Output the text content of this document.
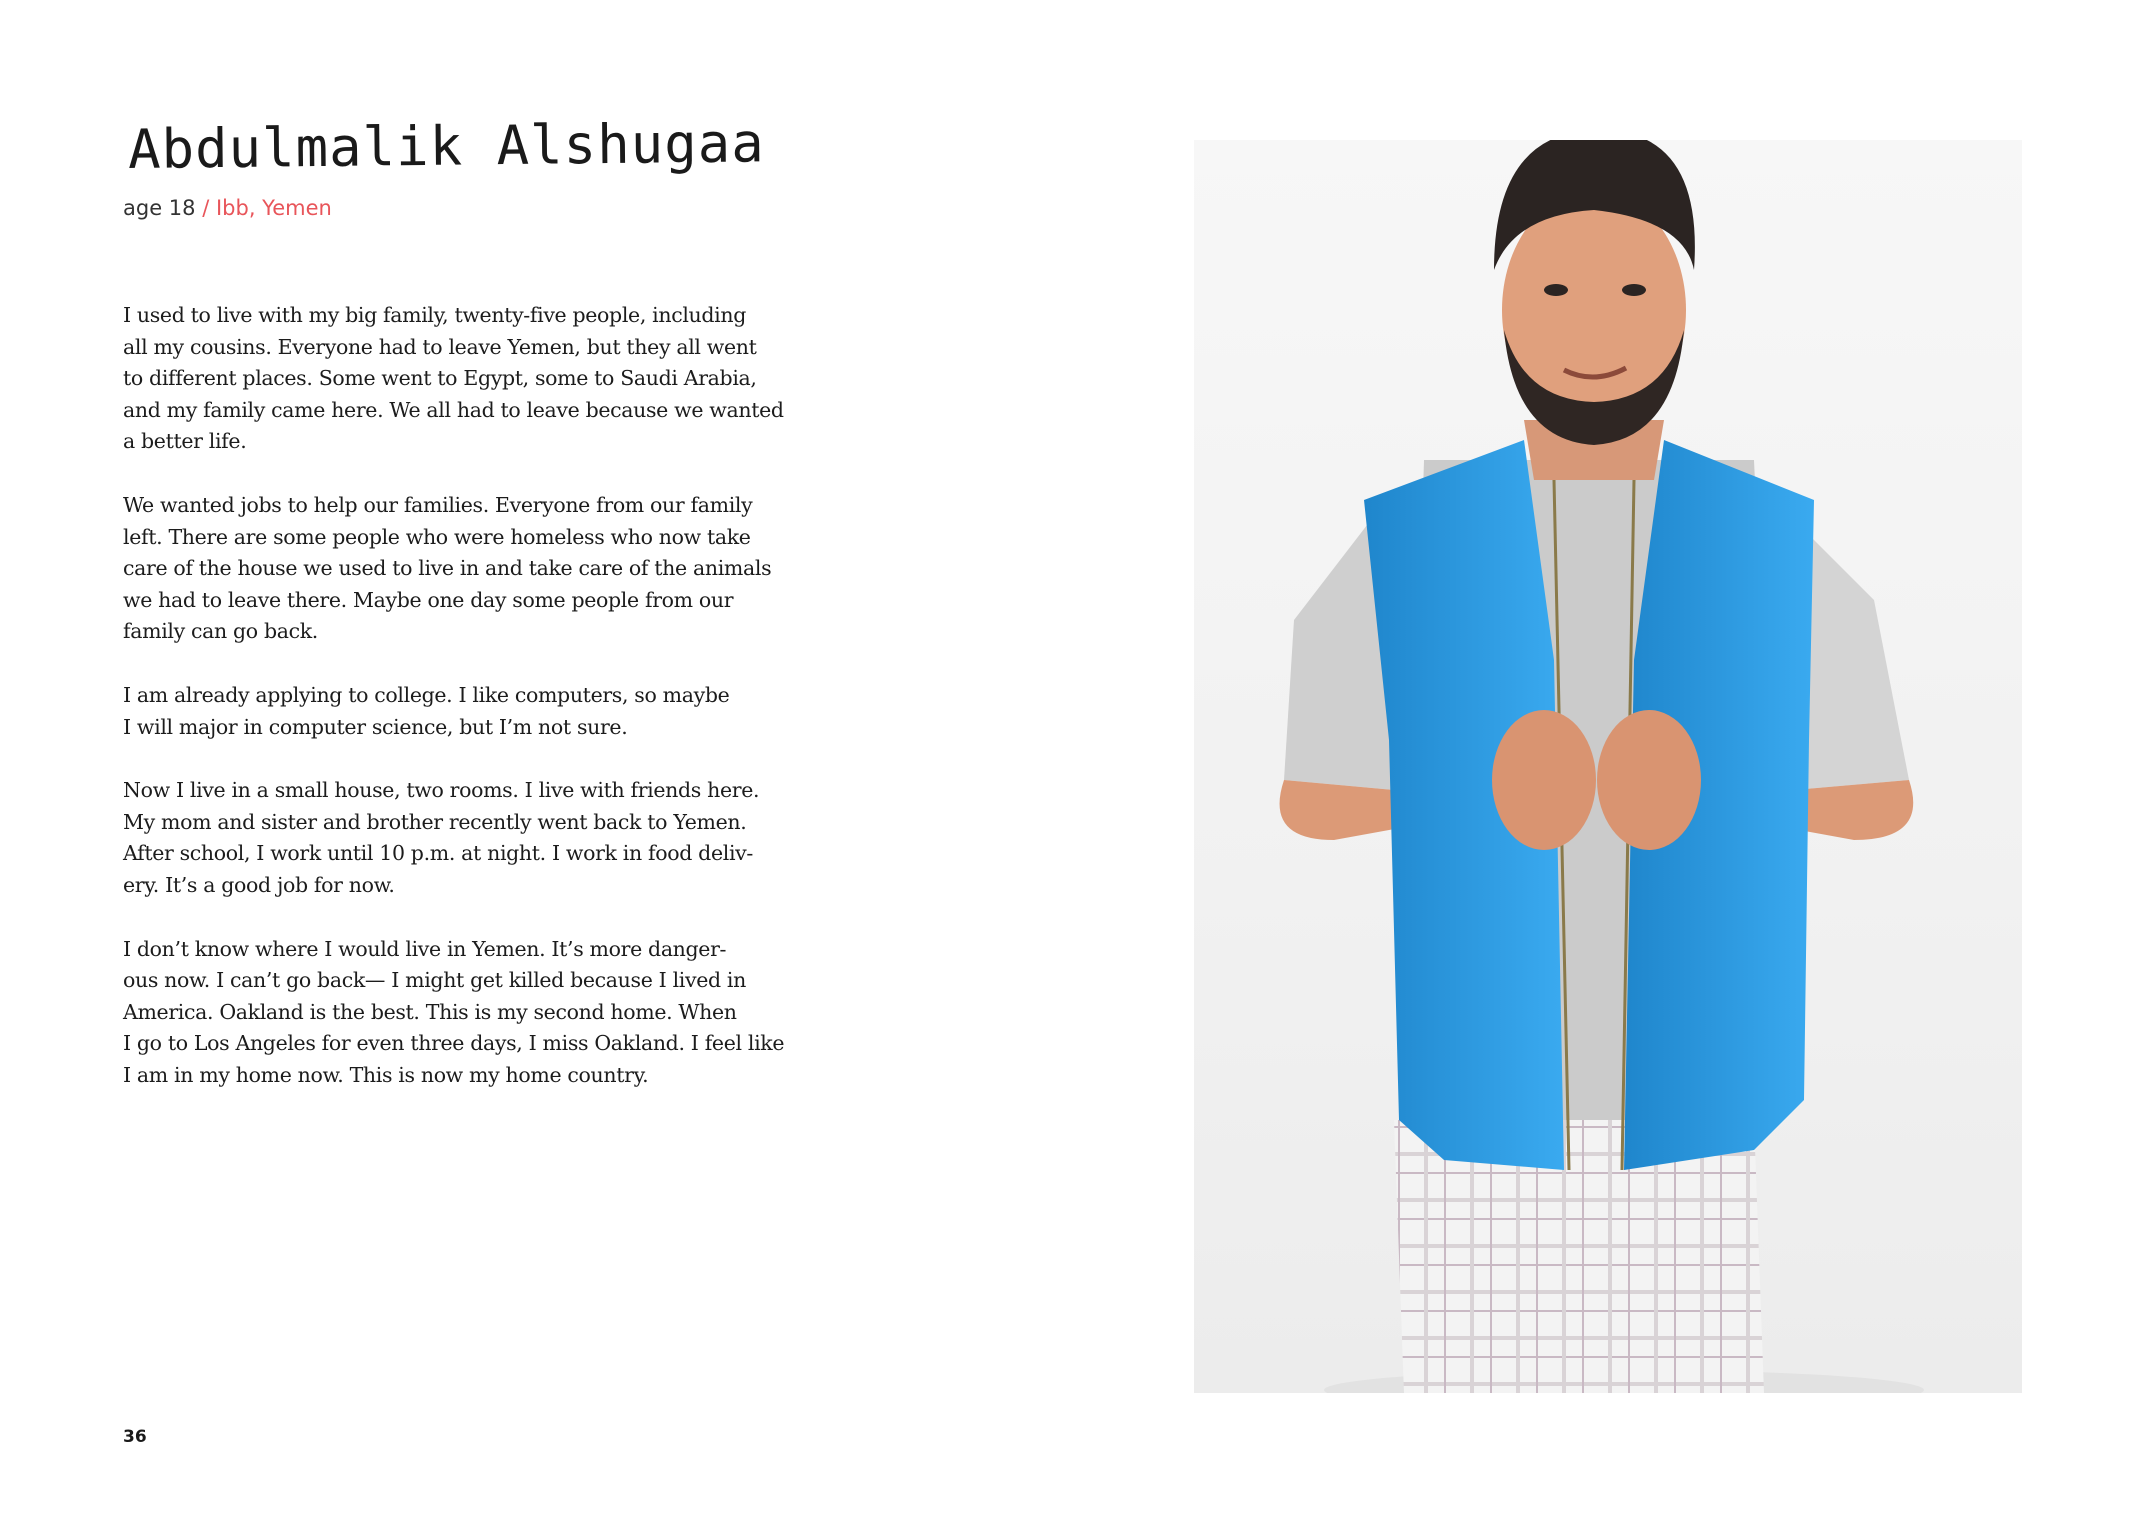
Abdulmalik Alshugaa
age 18 / Ibb, Yemen

I used to live with my big family, twenty-five people, including
all my cousins. Everyone had to leave Yemen, but they all went
to different places. Some went to Egypt, some to Saudi Arabia,
and my family came here. We all had to leave because we wanted
a better life.

We wanted jobs to help our families. Everyone from our family
left. There are some people who were homeless who now take
care of the house we used to live in and take care of the animals
we had to leave there. Maybe one day some people from our
family can go back.

I am already applying to college. I like computers, so maybe
I will major in computer science, but I’m not sure.

Now I live in a small house, two rooms. I live with friends here.
My mom and sister and brother recently went back to Yemen.
After school, I work until 10 p.m. at night. I work in food deliv-
ery. It’s a good job for now.

I don’t know where I would live in Yemen. It’s more danger-
ous now. I can’t go back— I might get killed because I lived in
America. Oakland is the best. This is my second home. When
I go to Los Angeles for even three days, I miss Oakland. I feel like
I am in my home now. This is now my home country.

36
